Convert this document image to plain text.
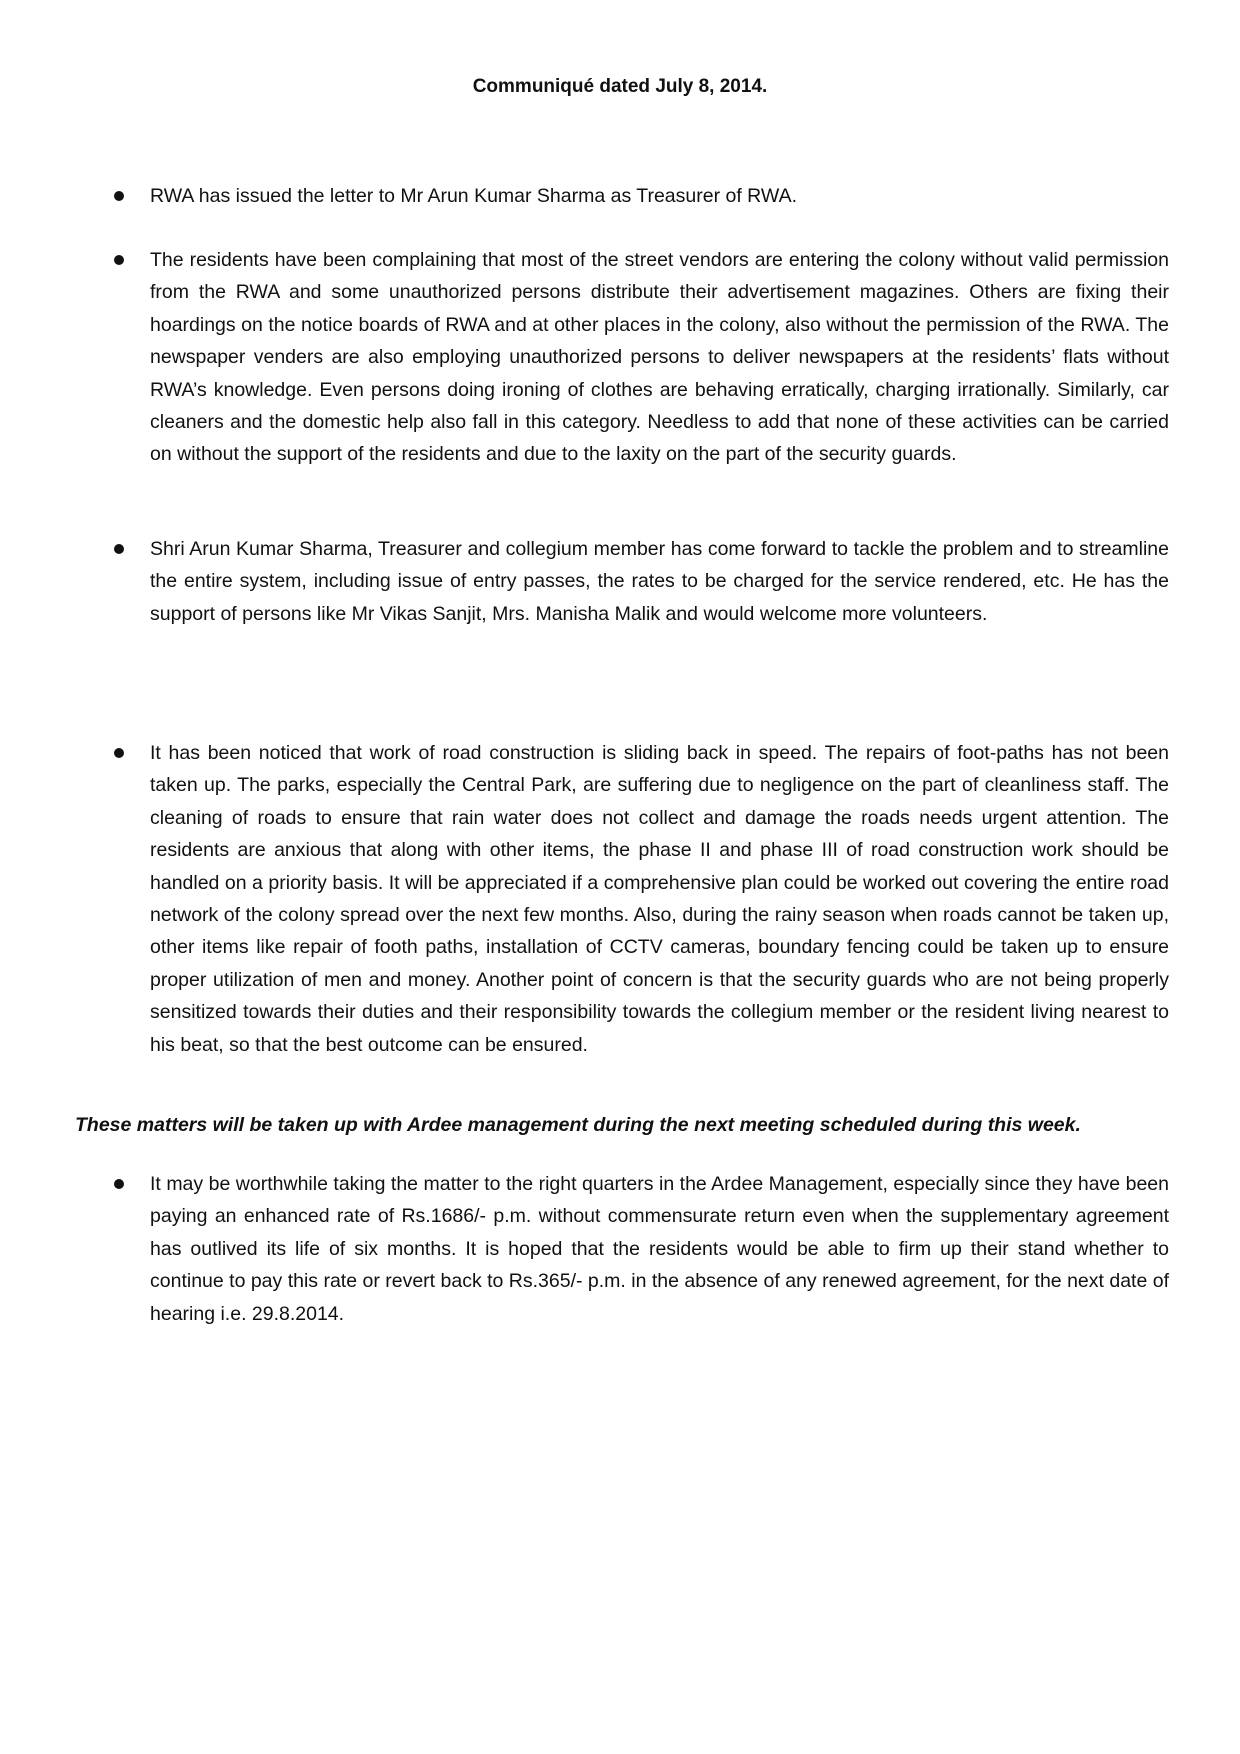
Communiqué dated July 8, 2014.

RWA has issued the letter to Mr Arun Kumar Sharma as Treasurer of RWA.

The residents have been complaining that most of the street vendors are entering the colony without valid permission from the RWA and some unauthorized persons distribute their advertisement magazines. Others are fixing their hoardings on the notice boards of RWA and at other places in the colony, also without the permission of the RWA. The newspaper venders are also employing unauthorized persons to deliver newspapers at the residents’ flats without RWA’s knowledge. Even persons doing ironing of clothes are behaving erratically, charging irrationally. Similarly, car cleaners and the domestic help also fall in this category. Needless to add that none of these activities can be carried on without the support of the residents and due to the laxity on the part of the security guards.

Shri Arun Kumar Sharma, Treasurer and collegium member has come forward to tackle the problem and to streamline the entire system, including issue of entry passes, the rates to be charged for the service rendered, etc. He has the support of persons like Mr Vikas Sanjit, Mrs. Manisha Malik and would welcome more volunteers.

It has been noticed that work of road construction is sliding back in speed. The repairs of foot-paths has not been taken up. The parks, especially the Central Park, are suffering due to negligence on the part of cleanliness staff. The cleaning of roads to ensure that rain water does not collect and damage the roads needs urgent attention. The residents are anxious that along with other items, the phase II and phase III of road construction work should be handled on a priority basis. It will be appreciated if a comprehensive plan could be worked out covering the entire road network of the colony spread over the next few months. Also, during the rainy season when roads cannot be taken up, other items like repair of footh paths, installation of CCTV cameras, boundary fencing could be taken up to ensure proper utilization of men and money. Another point of concern is that the security guards who are not being properly sensitized towards their duties and their responsibility towards the collegium member or the resident living nearest to his beat, so that the best outcome can be ensured.

These matters will be taken up with Ardee management during the next meeting scheduled during this week.

It may be worthwhile taking the matter to the right quarters in the Ardee Management, especially since they have been paying an enhanced rate of Rs.1686/- p.m. without commensurate return even when the supplementary agreement has outlived its life of six months. It is hoped that the residents would be able to firm up their stand whether to continue to pay this rate or revert back to Rs.365/- p.m. in the absence of any renewed agreement, for the next date of hearing i.e. 29.8.2014.
